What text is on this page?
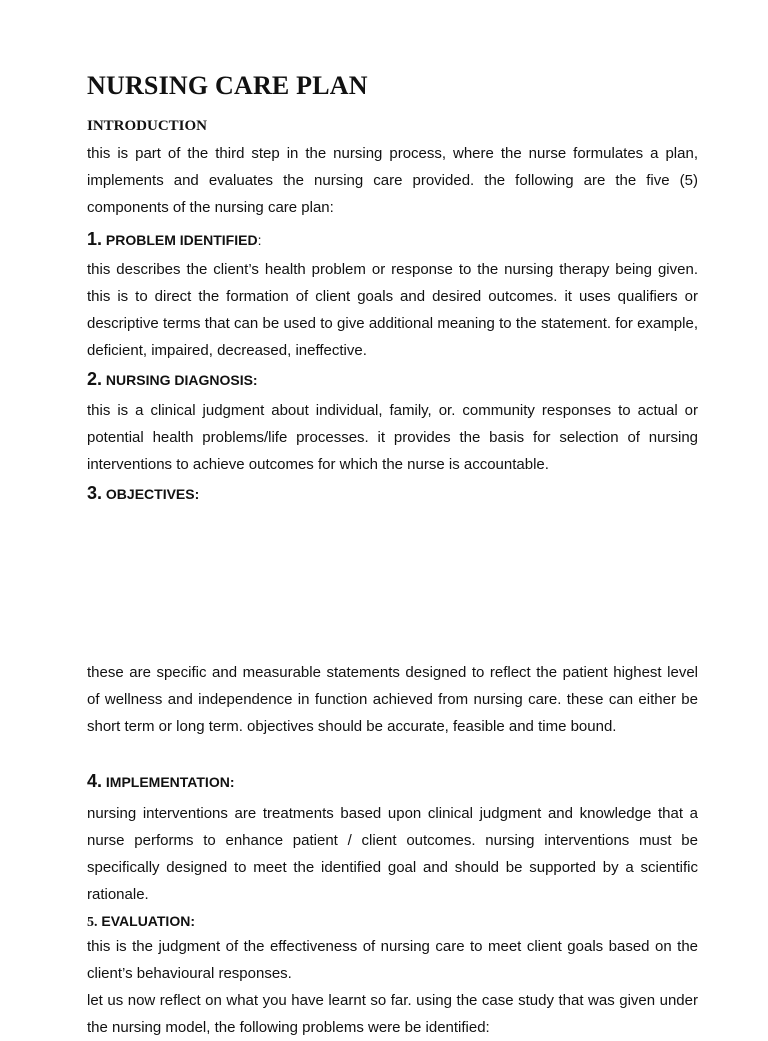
NURSING CARE PLAN
INTRODUCTION

this is part of the third step in the nursing process, where the nurse formulates a plan, implements and evaluates the nursing care provided. the following are the five (5) components of the nursing care plan:

1. PROBLEM IDENTIFIED:

this describes the client’s health problem or response to the nursing therapy being given. this is to direct the formation of client goals and desired outcomes. it uses qualifiers or descriptive terms that can be used to give additional meaning to the statement. for example, deficient, impaired, decreased, ineffective.

2. NURSING DIAGNOSIS:

this is a clinical judgment about individual, family, or. community responses to actual or potential health problems/life processes. it provides the basis for selection of nursing interventions to achieve outcomes for which the nurse is accountable.

3. OBJECTIVES:

these are specific and measurable statements designed to reflect the patient highest level of wellness and independence in function achieved from nursing care. these can either be short term or long term. objectives should be accurate, feasible and time bound.

4. IMPLEMENTATION:

nursing interventions are treatments based upon clinical judgment and knowledge that a nurse performs to enhance patient / client outcomes. nursing interventions must be specifically designed to meet the identified goal and should be supported by a scientific rationale.

5. EVALUATION:
this is the judgment of the effectiveness of nursing care to meet client goals based on the client’s behavioural responses.
let us now reflect on what you have learnt so far. using the case study that was given under the nursing model, the following problems were be identified:
